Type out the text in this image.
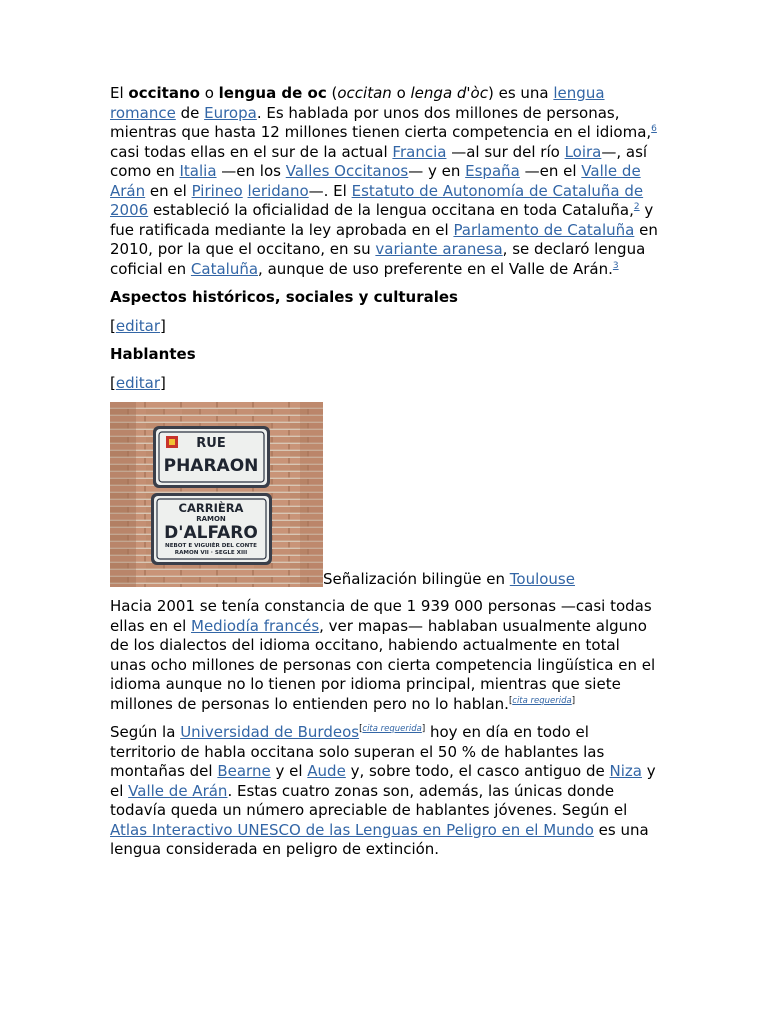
El occitano o lengua de oc (occitan o lenga d'òc) es una lengua romance de Europa. Es hablada por unos dos millones de personas, mientras que hasta 12 millones tienen cierta competencia en el idioma,$^6$ casi todas ellas en el sur de la actual Francia —al sur del río Loira—, así como en Italia —en los Valles Occitanos— y en España —en el Valle de Arán en el Pirineo leridano—. El Estatuto de Autonomía de Cataluña de 2006 estableció la oficialidad de la lengua occitana en toda Cataluña,$^2$ y fue ratificada mediante la ley aprobada en el Parlamento de Cataluña en 2010, por la que el occitano, en su variante aranesa, se declaró lengua coficial en Cataluña, aunque de uso preferente en el Valle de Arán.$^3$

Aspectos históricos, sociales y culturales
[editar]
Hablantes
[editar]
RUE
PHARAON
CARRIÈRA
RAMON
D'ALFARO
NEBOT E VIGUIÈR DEL CONTE
RAMON VII · SEGLE XIII
Señalización bilingüe en Toulouse

Hacia 2001 se tenía constancia de que 1 939 000 personas —casi todas ellas en el Mediodía francés, ver mapas— hablaban usualmente alguno de los dialectos del idioma occitano, habiendo actualmente en total unas ocho millones de personas con cierta competencia lingüística en el idioma aunque no lo tienen por idioma principal, mientras que siete millones de personas lo entienden pero no lo hablan.[cita requerida]

Según la Universidad de Burdeos[cita requerida] hoy en día en todo el territorio de habla occitana solo superan el 50 % de hablantes las montañas del Bearne y el Aude y, sobre todo, el casco antiguo de Niza y el Valle de Arán. Estas cuatro zonas son, además, las únicas donde todavía queda un número apreciable de hablantes jóvenes. Según el Atlas Interactivo UNESCO de las Lenguas en Peligro en el Mundo es una lengua considerada en peligro de extinción.
